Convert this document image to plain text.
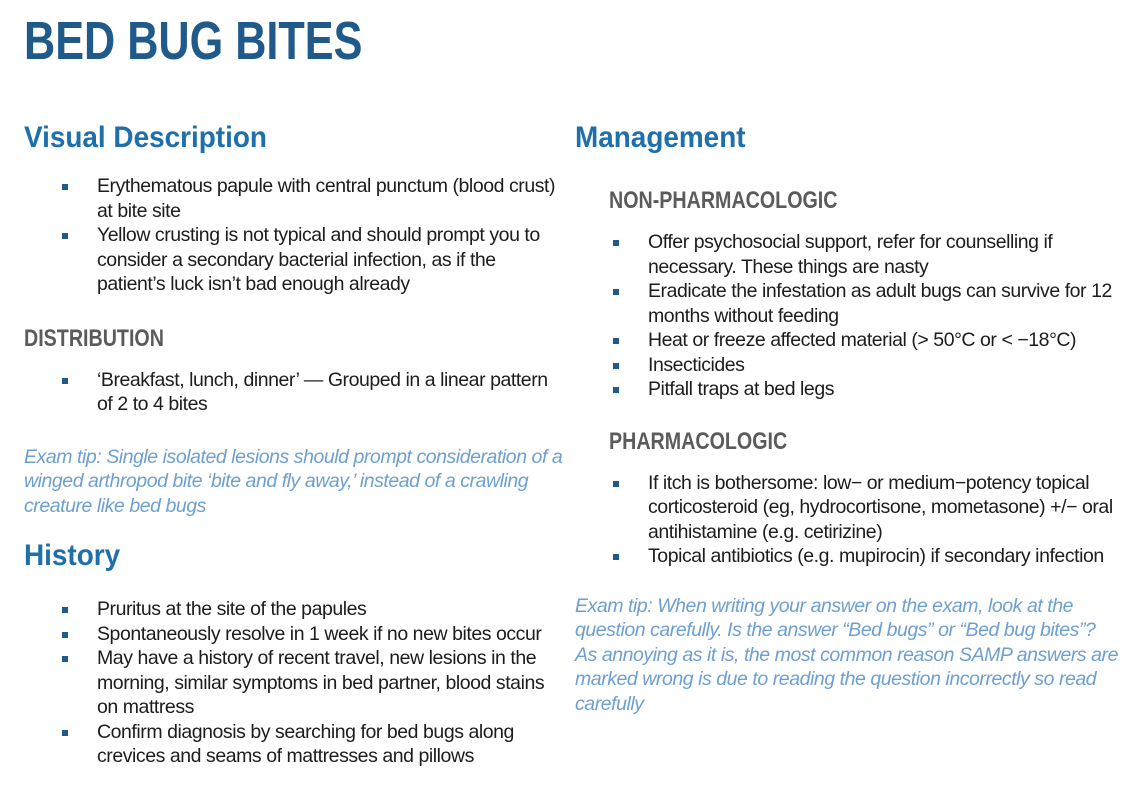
BED BUG BITES
Visual Description
Erythematous papule with central punctum (blood crust) at bite site
Yellow crusting is not typical and should prompt you to consider a secondary bacterial infection, as if the patient’s luck isn’t bad enough already
DISTRIBUTION
‘Breakfast, lunch, dinner’ — Grouped in a linear pattern of 2 to 4 bites

Exam tip: Single isolated lesions should prompt consideration of a winged arthropod bite ‘bite and fly away,’ instead of a crawling creature like bed bugs

History
Pruritus at the site of the papules
Spontaneously resolve in 1 week if no new bites occur
May have a history of recent travel, new lesions in the morning, similar symptoms in bed partner, blood stains on mattress
Confirm diagnosis by searching for bed bugs along crevices and seams of mattresses and pillows
Management
NON-PHARMACOLOGIC
Offer psychosocial support, refer for counselling if necessary. These things are nasty
Eradicate the infestation as adult bugs can survive for 12 months without feeding
Heat or freeze affected material (> 50°C or < −18°C)
Insecticides
Pitfall traps at bed legs
PHARMACOLOGIC
If itch is bothersome: low− or medium−potency topical corticosteroid (eg, hydrocortisone, mometasone) +/− oral antihistamine (e.g. cetirizine)
Topical antibiotics (e.g. mupirocin) if secondary infection

Exam tip: When writing your answer on the exam, look at the question carefully. Is the answer “Bed bugs” or “Bed bug bites”? As annoying as it is, the most common reason SAMP answers are marked wrong is due to reading the question incorrectly so read carefully
